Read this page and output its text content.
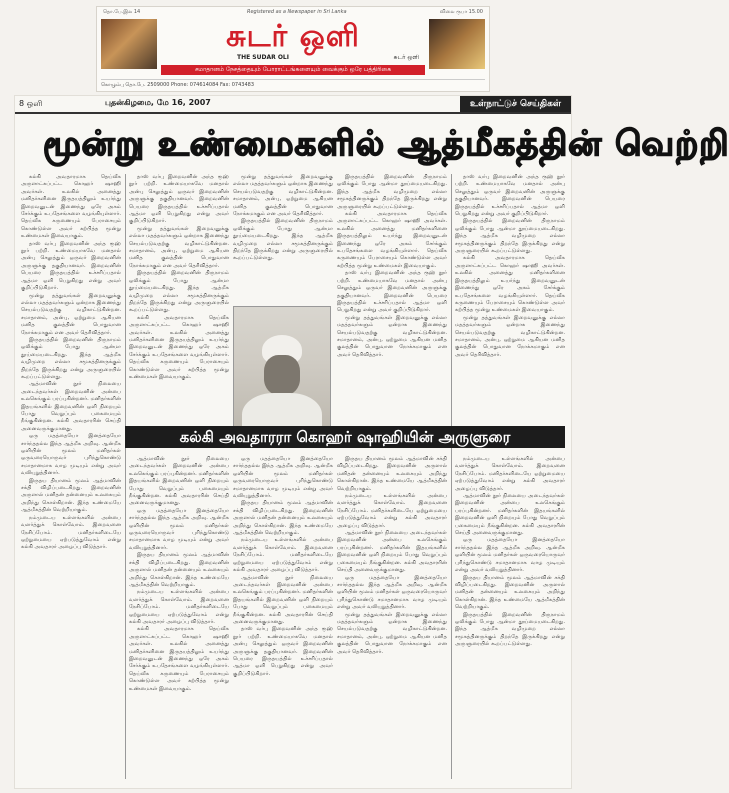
தொ.பே.இல 14	Registered as a Newspaper in Sri Lanka	விலை ரூபா 15.00
சுடர் ஒளி
THE SUDAR OLI	சுடர் ஒளி
சமாதானம் நேசத்தையும் போராட்டங்களையும் வைக்கும் ஒரே பத்திரிகை
கொழும்பு தொ.பே. 2509000 Phone: 074614084 Fax: 0743483
8 ஒளி	புதன்கிழமை, மே 16, 2007	உள்நாட்டுச் செய்திகள்
மூன்று உண்மைகளில் ஆத்மீகத்தின் வெற்றி
கல்கி அவதாரமாக தெய்வீக அருளாட்கப்பட்ட கொஹர் ஷாஹி அவர்கள். உலகில் அனைத்து மனிதர்களினை இருதயத்திலும் உயர்ந்து இறைவனுடன் இணைந்து ஒரே அகம் சேர்க்கும் உபதேசங்களை வழங்கியுள்ளார். தெய்வீக கருணையும் பேராசையும் கொண்டுள்ள அவர் கற்பித்த மூன்று உண்மைகள் இவையாகும்.
தாஸ் வர்பு இறைவனின் அந்த ரூஹ் நூர் பற்றி. உண்மையாகவே மனதால் அன்பு செலுத்தும் ஒருவர் இறைவனின் அருளுக்கு தகுதியானவர். இறைவனின் பெயரை இருதயத்தில் உச்சரிப்பதால் ஆத்மா ஒளி பெறுகிறது என்று அவர் குறிப்பிடுகிறார்.
மூன்று தத்துவங்கள் இறைவனுக்கு எல்லா மதத்தவர்களும் ஒன்றாக இணைந்து செயல்படுவதற்கு வழிகாட்டுகின்றன. சமாதானம், அன்பு, ஒற்றுமை ஆகியன மனித குலத்தின் பொதுவான நோக்கமாகும் என அவர் தெரிவித்தார்.
இருதயத்தில் இறைவனின் திருநாமம் ஒலிக்கும் போது ஆன்மா தூய்மையடைகிறது. இந்த ஆத்மீக வழிமுறை எல்லா சமூகத்தினருக்கும் திறந்தே இருக்கிறது என்று அருளுரையில் கூறப்பட்டுள்ளது.
ஆத்மாவின் நூர் நிலையை அடைந்தவர்கள் இறைவனின் அன்பை உலகெங்கும் பரப்புகின்றனர். மனிதர்களின் இதயங்களில் இறைவனின் ஒளி நிறையும் போது வெறுப்பும் பகைமையும் நீங்குகின்றன. கல்கி அவதாரரின் செய்தி அனைவருக்குமானது.
ஒரு மதத்தையோ இனத்தையோ சார்ந்ததல்ல இந்த ஆத்மீக அறிவு. ஆன்மீக ஒளியின் மூலம் மனிதர்கள் ஒருவரையொருவர் புரிந்துகொண்டு சமாதானமாக வாழ முடியும் என்று அவர் வலியுறுத்தினார்.
இருதய தியானம் மூலம் ஆத்மாவின் சக்தி விழிப்படைகிறது. இறைவனின் அருளால் மனிதன் தன்னையும் உலகையும் அறிந்து கொள்கிறான். இந்த உண்மையே ஆத்மீகத்தின் வெற்றியாகும்.
நம்முடைய உள்ளங்களில் அன்பை வளர்த்துக் கொள்வோம். இறைவனை நேசிப்போம். மனிதர்களிடையே ஒற்றுமையை ஏற்படுத்துவோம் என்று கல்கி அவதாரர் அழைப்பு விடுத்தார்.
தாஸ் வர்பு இறைவனின் அந்த ரூஹ் நூர் பற்றி. உண்மையாகவே மனதால் அன்பு செலுத்தும் ஒருவர் இறைவனின் அருளுக்கு தகுதியானவர். இறைவனின் பெயரை இருதயத்தில் உச்சரிப்பதால் ஆத்மா ஒளி பெறுகிறது என்று அவர் குறிப்பிடுகிறார்.
மூன்று தத்துவங்கள் இறைவனுக்கு எல்லா மதத்தவர்களும் ஒன்றாக இணைந்து செயல்படுவதற்கு வழிகாட்டுகின்றன. சமாதானம், அன்பு, ஒற்றுமை ஆகியன மனித குலத்தின் பொதுவான நோக்கமாகும் என அவர் தெரிவித்தார்.
இருதயத்தில் இறைவனின் திருநாமம் ஒலிக்கும் போது ஆன்மா தூய்மையடைகிறது. இந்த ஆத்மீக வழிமுறை எல்லா சமூகத்தினருக்கும் திறந்தே இருக்கிறது என்று அருளுரையில் கூறப்பட்டுள்ளது.
கல்கி அவதாரமாக தெய்வீக அருளாட்கப்பட்ட கொஹர் ஷாஹி அவர்கள். உலகில் அனைத்து மனிதர்களினை இருதயத்திலும் உயர்ந்து இறைவனுடன் இணைந்து ஒரே அகம் சேர்க்கும் உபதேசங்களை வழங்கியுள்ளார். தெய்வீக கருணையும் பேராசையும் கொண்டுள்ள அவர் கற்பித்த மூன்று உண்மைகள் இவையாகும்.
மூன்று தத்துவங்கள் இறைவனுக்கு எல்லா மதத்தவர்களும் ஒன்றாக இணைந்து செயல்படுவதற்கு வழிகாட்டுகின்றன. சமாதானம், அன்பு, ஒற்றுமை ஆகியன மனித குலத்தின் பொதுவான நோக்கமாகும் என அவர் தெரிவித்தார்.
இருதயத்தில் இறைவனின் திருநாமம் ஒலிக்கும் போது ஆன்மா தூய்மையடைகிறது. இந்த ஆத்மீக வழிமுறை எல்லா சமூகத்தினருக்கும் திறந்தே இருக்கிறது என்று அருளுரையில் கூறப்பட்டுள்ளது.
இருதயத்தில் இறைவனின் திருநாமம் ஒலிக்கும் போது ஆன்மா தூய்மையடைகிறது. இந்த ஆத்மீக வழிமுறை எல்லா சமூகத்தினருக்கும் திறந்தே இருக்கிறது என்று அருளுரையில் கூறப்பட்டுள்ளது.
கல்கி அவதாரமாக தெய்வீக அருளாட்கப்பட்ட கொஹர் ஷாஹி அவர்கள். உலகில் அனைத்து மனிதர்களினை இருதயத்திலும் உயர்ந்து இறைவனுடன் இணைந்து ஒரே அகம் சேர்க்கும் உபதேசங்களை வழங்கியுள்ளார். தெய்வீக கருணையும் பேராசையும் கொண்டுள்ள அவர் கற்பித்த மூன்று உண்மைகள் இவையாகும்.
தாஸ் வர்பு இறைவனின் அந்த ரூஹ் நூர் பற்றி. உண்மையாகவே மனதால் அன்பு செலுத்தும் ஒருவர் இறைவனின் அருளுக்கு தகுதியானவர். இறைவனின் பெயரை இருதயத்தில் உச்சரிப்பதால் ஆத்மா ஒளி பெறுகிறது என்று அவர் குறிப்பிடுகிறார்.
மூன்று தத்துவங்கள் இறைவனுக்கு எல்லா மதத்தவர்களும் ஒன்றாக இணைந்து செயல்படுவதற்கு வழிகாட்டுகின்றன. சமாதானம், அன்பு, ஒற்றுமை ஆகியன மனித குலத்தின் பொதுவான நோக்கமாகும் என அவர் தெரிவித்தார்.
தாஸ் வர்பு இறைவனின் அந்த ரூஹ் நூர் பற்றி. உண்மையாகவே மனதால் அன்பு செலுத்தும் ஒருவர் இறைவனின் அருளுக்கு தகுதியானவர். இறைவனின் பெயரை இருதயத்தில் உச்சரிப்பதால் ஆத்மா ஒளி பெறுகிறது என்று அவர் குறிப்பிடுகிறார்.
இருதயத்தில் இறைவனின் திருநாமம் ஒலிக்கும் போது ஆன்மா தூய்மையடைகிறது. இந்த ஆத்மீக வழிமுறை எல்லா சமூகத்தினருக்கும் திறந்தே இருக்கிறது என்று அருளுரையில் கூறப்பட்டுள்ளது.
கல்கி அவதாரமாக தெய்வீக அருளாட்கப்பட்ட கொஹர் ஷாஹி அவர்கள். உலகில் அனைத்து மனிதர்களினை இருதயத்திலும் உயர்ந்து இறைவனுடன் இணைந்து ஒரே அகம் சேர்க்கும் உபதேசங்களை வழங்கியுள்ளார். தெய்வீக கருணையும் பேராசையும் கொண்டுள்ள அவர் கற்பித்த மூன்று உண்மைகள் இவையாகும்.
மூன்று தத்துவங்கள் இறைவனுக்கு எல்லா மதத்தவர்களும் ஒன்றாக இணைந்து செயல்படுவதற்கு வழிகாட்டுகின்றன. சமாதானம், அன்பு, ஒற்றுமை ஆகியன மனித குலத்தின் பொதுவான நோக்கமாகும் என அவர் தெரிவித்தார்.
கல்கி அவதாரரா கொஹர் ஷாஹியின் அருளுரை
ஆத்மாவின் நூர் நிலையை அடைந்தவர்கள் இறைவனின் அன்பை உலகெங்கும் பரப்புகின்றனர். மனிதர்களின் இதயங்களில் இறைவனின் ஒளி நிறையும் போது வெறுப்பும் பகைமையும் நீங்குகின்றன. கல்கி அவதாரரின் செய்தி அனைவருக்குமானது.
ஒரு மதத்தையோ இனத்தையோ சார்ந்ததல்ல இந்த ஆத்மீக அறிவு. ஆன்மீக ஒளியின் மூலம் மனிதர்கள் ஒருவரையொருவர் புரிந்துகொண்டு சமாதானமாக வாழ முடியும் என்று அவர் வலியுறுத்தினார்.
இருதய தியானம் மூலம் ஆத்மாவின் சக்தி விழிப்படைகிறது. இறைவனின் அருளால் மனிதன் தன்னையும் உலகையும் அறிந்து கொள்கிறான். இந்த உண்மையே ஆத்மீகத்தின் வெற்றியாகும்.
நம்முடைய உள்ளங்களில் அன்பை வளர்த்துக் கொள்வோம். இறைவனை நேசிப்போம். மனிதர்களிடையே ஒற்றுமையை ஏற்படுத்துவோம் என்று கல்கி அவதாரர் அழைப்பு விடுத்தார்.
கல்கி அவதாரமாக தெய்வீக அருளாட்கப்பட்ட கொஹர் ஷாஹி அவர்கள். உலகில் அனைத்து மனிதர்களினை இருதயத்திலும் உயர்ந்து இறைவனுடன் இணைந்து ஒரே அகம் சேர்க்கும் உபதேசங்களை வழங்கியுள்ளார். தெய்வீக கருணையும் பேராசையும் கொண்டுள்ள அவர் கற்பித்த மூன்று உண்மைகள் இவையாகும்.
ஒரு மதத்தையோ இனத்தையோ சார்ந்ததல்ல இந்த ஆத்மீக அறிவு. ஆன்மீக ஒளியின் மூலம் மனிதர்கள் ஒருவரையொருவர் புரிந்துகொண்டு சமாதானமாக வாழ முடியும் என்று அவர் வலியுறுத்தினார்.
இருதய தியானம் மூலம் ஆத்மாவின் சக்தி விழிப்படைகிறது. இறைவனின் அருளால் மனிதன் தன்னையும் உலகையும் அறிந்து கொள்கிறான். இந்த உண்மையே ஆத்மீகத்தின் வெற்றியாகும்.
நம்முடைய உள்ளங்களில் அன்பை வளர்த்துக் கொள்வோம். இறைவனை நேசிப்போம். மனிதர்களிடையே ஒற்றுமையை ஏற்படுத்துவோம் என்று கல்கி அவதாரர் அழைப்பு விடுத்தார்.
ஆத்மாவின் நூர் நிலையை அடைந்தவர்கள் இறைவனின் அன்பை உலகெங்கும் பரப்புகின்றனர். மனிதர்களின் இதயங்களில் இறைவனின் ஒளி நிறையும் போது வெறுப்பும் பகைமையும் நீங்குகின்றன. கல்கி அவதாரரின் செய்தி அனைவருக்குமானது.
தாஸ் வர்பு இறைவனின் அந்த ரூஹ் நூர் பற்றி. உண்மையாகவே மனதால் அன்பு செலுத்தும் ஒருவர் இறைவனின் அருளுக்கு தகுதியானவர். இறைவனின் பெயரை இருதயத்தில் உச்சரிப்பதால் ஆத்மா ஒளி பெறுகிறது என்று அவர் குறிப்பிடுகிறார்.
இருதய தியானம் மூலம் ஆத்மாவின் சக்தி விழிப்படைகிறது. இறைவனின் அருளால் மனிதன் தன்னையும் உலகையும் அறிந்து கொள்கிறான். இந்த உண்மையே ஆத்மீகத்தின் வெற்றியாகும்.
நம்முடைய உள்ளங்களில் அன்பை வளர்த்துக் கொள்வோம். இறைவனை நேசிப்போம். மனிதர்களிடையே ஒற்றுமையை ஏற்படுத்துவோம் என்று கல்கி அவதாரர் அழைப்பு விடுத்தார்.
ஆத்மாவின் நூர் நிலையை அடைந்தவர்கள் இறைவனின் அன்பை உலகெங்கும் பரப்புகின்றனர். மனிதர்களின் இதயங்களில் இறைவனின் ஒளி நிறையும் போது வெறுப்பும் பகைமையும் நீங்குகின்றன. கல்கி அவதாரரின் செய்தி அனைவருக்குமானது.
ஒரு மதத்தையோ இனத்தையோ சார்ந்ததல்ல இந்த ஆத்மீக அறிவு. ஆன்மீக ஒளியின் மூலம் மனிதர்கள் ஒருவரையொருவர் புரிந்துகொண்டு சமாதானமாக வாழ முடியும் என்று அவர் வலியுறுத்தினார்.
மூன்று தத்துவங்கள் இறைவனுக்கு எல்லா மதத்தவர்களும் ஒன்றாக இணைந்து செயல்படுவதற்கு வழிகாட்டுகின்றன. சமாதானம், அன்பு, ஒற்றுமை ஆகியன மனித குலத்தின் பொதுவான நோக்கமாகும் என அவர் தெரிவித்தார்.
நம்முடைய உள்ளங்களில் அன்பை வளர்த்துக் கொள்வோம். இறைவனை நேசிப்போம். மனிதர்களிடையே ஒற்றுமையை ஏற்படுத்துவோம் என்று கல்கி அவதாரர் அழைப்பு விடுத்தார்.
ஆத்மாவின் நூர் நிலையை அடைந்தவர்கள் இறைவனின் அன்பை உலகெங்கும் பரப்புகின்றனர். மனிதர்களின் இதயங்களில் இறைவனின் ஒளி நிறையும் போது வெறுப்பும் பகைமையும் நீங்குகின்றன. கல்கி அவதாரரின் செய்தி அனைவருக்குமானது.
ஒரு மதத்தையோ இனத்தையோ சார்ந்ததல்ல இந்த ஆத்மீக அறிவு. ஆன்மீக ஒளியின் மூலம் மனிதர்கள் ஒருவரையொருவர் புரிந்துகொண்டு சமாதானமாக வாழ முடியும் என்று அவர் வலியுறுத்தினார்.
இருதய தியானம் மூலம் ஆத்மாவின் சக்தி விழிப்படைகிறது. இறைவனின் அருளால் மனிதன் தன்னையும் உலகையும் அறிந்து கொள்கிறான். இந்த உண்மையே ஆத்மீகத்தின் வெற்றியாகும்.
இருதயத்தில் இறைவனின் திருநாமம் ஒலிக்கும் போது ஆன்மா தூய்மையடைகிறது. இந்த ஆத்மீக வழிமுறை எல்லா சமூகத்தினருக்கும் திறந்தே இருக்கிறது என்று அருளுரையில் கூறப்பட்டுள்ளது.
